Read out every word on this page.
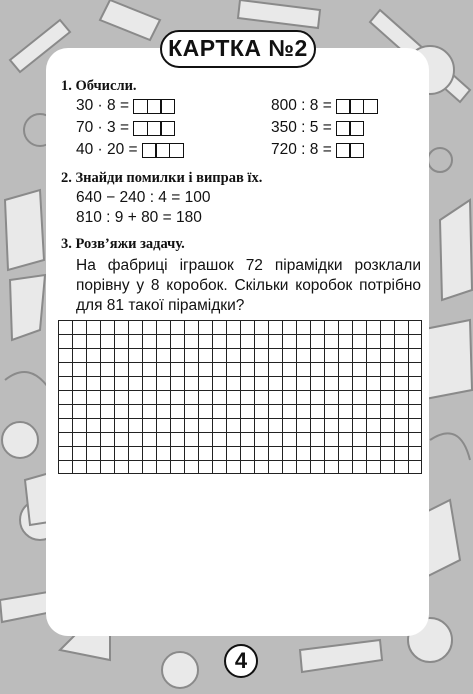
КАРТКА №2
1. Обчисли.
30 · 8 =
70 · 3 =
40 · 20 =
800 : 8 =
350 : 5 =
720 : 8 =
2. Знайди помилки і виправ їх.
640 − 240 : 4 = 100
810 : 9 + 80 = 180
3. Розв’яжи задачу.
На фабриці іграшок 72 пірамідки розклали порівну у 8 коробок. Скільки коробок потрібно для 81 такої пірамідки?
4
